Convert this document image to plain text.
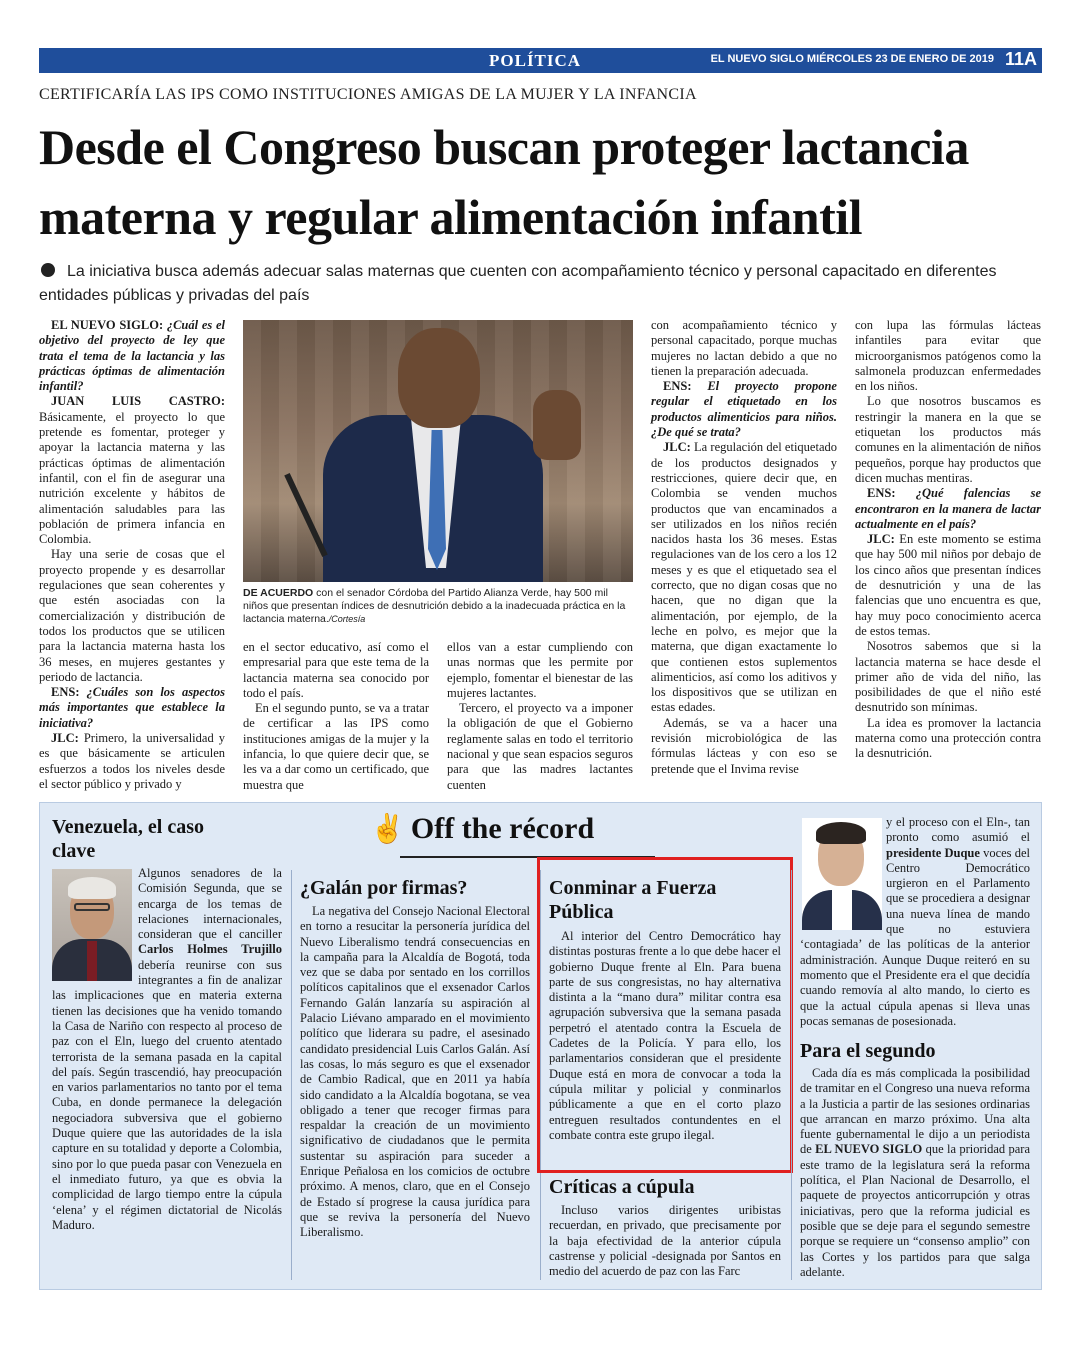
POLÍTICA	EL NUEVO SIGLO MIÉRCOLES 23 DE ENERO DE 2019 11A
CERTIFICARÍA LAS IPS COMO INSTITUCIONES AMIGAS DE LA MUJER Y LA INFANCIA
Desde el Congreso buscan proteger lactancia materna y regular alimentación infantil
La iniciativa busca además adecuar salas maternas que cuenten con acompañamiento técnico y personal capacitado en diferentes entidades públicas y privadas del país

EL NUEVO SIGLO: ¿Cuál es el objetivo del proyecto de ley que trata el tema de la lactancia y las prácticas óptimas de alimentación infantil?

JUAN LUIS CASTRO: Básicamente, el proyecto lo que pretende es fomentar, proteger y apoyar la lactancia materna y las prácticas óptimas de alimentación infantil, con el fin de asegurar una nutrición excelente y hábitos de alimentación saludables para las población de primera infancia en Colombia.

Hay una serie de cosas que el proyecto propende y es desarrollar regulaciones que sean coherentes y que estén asociadas con la comercialización y distribución de todos los productos que se utilicen para la lactancia materna hasta los 36 meses, en mujeres gestantes y periodo de lactancia.

ENS: ¿Cuáles son los aspectos más importantes que establece la iniciativa?

JLC: Primero, la universalidad y es que básicamente se articulen esfuerzos a todos los niveles desde el sector público y privado y

DE ACUERDO con el senador Córdoba del Partido Alianza Verde, hay 500 mil niños que presentan índices de desnutrición debido a la inadecuada práctica en la lactancia materna./Cortesía

en el sector educativo, así como el empresarial para que este tema de la lactancia materna sea conocido por todo el país.

En el segundo punto, se va a tratar de certificar a las IPS como instituciones amigas de la mujer y la infancia, lo que quiere decir que, se les va a dar como un certificado, que muestra que

ellos van a estar cumpliendo con unas normas que les permite por ejemplo, fomentar el bienestar de las mujeres lactantes.

Tercero, el proyecto va a imponer la obligación de que el Gobierno reglamente salas en todo el territorio nacional y que sean espacios seguros para que las madres lactantes cuenten

con acompañamiento técnico y personal capacitado, porque muchas mujeres no lactan debido a que no tienen la preparación adecuada.

ENS: El proyecto propone regular el etiquetado en los productos alimenticios para niños. ¿De qué se trata?

JLC: La regulación del etiquetado de los productos designados y restricciones, quiere decir que, en Colombia se venden muchos productos que van encaminados a ser utilizados en los niños recién nacidos hasta los 36 meses. Estas regulaciones van de los cero a los 12 meses y es que el etiquetado sea el correcto, que no digan cosas que no hacen, que no digan que la alimentación, por ejemplo, de la leche en polvo, es mejor que la materna, que digan exactamente lo que contienen estos suplementos alimenticios, así como los aditivos y los dispositivos que se utilizan en estas edades.

Además, se va a hacer una revisión microbiológica de las fórmulas lácteas y con eso se pretende que el Invima revise

con lupa las fórmulas lácteas infantiles para evitar que microorganismos patógenos como la salmonela produzcan enfermedades en los niños.

Lo que nosotros buscamos es restringir la manera en la que se etiquetan los productos más comunes en la alimentación de niños pequeños, porque hay productos que dicen muchas mentiras.

ENS: ¿Qué falencias se encontraron en la manera de lactar actualmente en el país?

JLC: En este momento se estima que hay 500 mil niños por debajo de los cinco años que presentan índices de desnutrición y una de las falencias que uno encuentra es que, hay muy poco conocimiento acerca de estos temas.

Nosotros sabemos que si la lactancia materna se hace desde el primer año de vida del niño, las posibilidades de que el niño esté desnutrido son mínimas.

La idea es promover la lactancia materna como una protección contra la desnutrición.

✌ Off the récord
Venezuela, el caso clave

Algunos senadores de la Comisión Segunda, que se encarga de los temas de relaciones internacionales, consideran que el canciller Carlos Holmes Trujillo debería reunirse con sus integrantes a fin de analizar las implicaciones que en materia externa tienen las decisiones que ha venido tomando la Casa de Nariño con respecto al proceso de paz con el Eln, luego del cruento atentado terrorista de la semana pasada en la capital del país. Según trascendió, hay preocupación en varios parlamentarios no tanto por el tema Cuba, en donde permanece la delegación negociadora subversiva que el gobierno Duque quiere que las autoridades de la isla capture en su totalidad y deporte a Colombia, sino por lo que pueda pasar con Venezuela en el inmediato futuro, ya que es obvia la complicidad de largo tiempo entre la cúpula ‘elena’ y el régimen dictatorial de Nicolás Maduro.

¿Galán por firmas?

La negativa del Consejo Nacional Electoral en torno a resucitar la personería jurídica del Nuevo Liberalismo tendrá consecuencias en la campaña para la Alcaldía de Bogotá, toda vez que se daba por sentado en los corrillos políticos capitalinos que el exsenador Carlos Fernando Galán lanzaría su aspiración al Palacio Liévano amparado en el movimiento político que liderara su padre, el asesinado candidato presidencial Luis Carlos Galán. Así las cosas, lo más seguro es que el exsenador de Cambio Radical, que en 2011 ya había sido candidato a la Alcaldía bogotana, se vea obligado a tener que recoger firmas para respaldar la creación de un movimiento significativo de ciudadanos que le permita sustentar su aspiración para suceder a Enrique Peñalosa en los comicios de octubre próximo. A menos, claro, que en el Consejo de Estado sí progrese la causa jurídica para que se reviva la personería del Nuevo Liberalismo.

Conminar a Fuerza Pública

Al interior del Centro Democrático hay distintas posturas frente a lo que debe hacer el gobierno Duque frente al Eln. Para buena parte de sus congresistas, no hay alternativa distinta a la “mano dura” militar contra esa agrupación subversiva que la semana pasada perpetró el atentado contra la Escuela de Cadetes de la Policía. Y para ello, los parlamentarios consideran que el presidente Duque está en mora de convocar a toda la cúpula militar y policial y conminarlos públicamente a que en el corto plazo entreguen resultados contundentes en el combate contra este grupo ilegal.

Críticas a cúpula

Incluso varios dirigentes uribistas recuerdan, en privado, que precisamente por la baja efectividad de la anterior cúpula castrense y policial -designada por Santos en medio del acuerdo de paz con las Farc

y el proceso con el Eln-, tan pronto como asumió el presidente Duque voces del Centro Democrático urgieron en el Parlamento que se procediera a designar una nueva línea de mando que no estuviera ‘contagiada’ de las políticas de la anterior administración. Aunque Duque reiteró en su momento que el Presidente era el que decidía cuando removía al alto mando, lo cierto es que la actual cúpula apenas si lleva unas pocas semanas de posesionada.

Para el segundo

Cada día es más complicada la posibilidad de tramitar en el Congreso una nueva reforma a la Justicia a partir de las sesiones ordinarias que arrancan en marzo próximo. Una alta fuente gubernamental le dijo a un periodista de EL NUEVO SIGLO que la prioridad para este tramo de la legislatura será la reforma política, el Plan Nacional de Desarrollo, el paquete de proyectos anticorrupción y otras iniciativas, pero que la reforma judicial es posible que se deje para el segundo semestre porque se requiere un “consenso amplio” con las Cortes y los partidos para que salga adelante.
